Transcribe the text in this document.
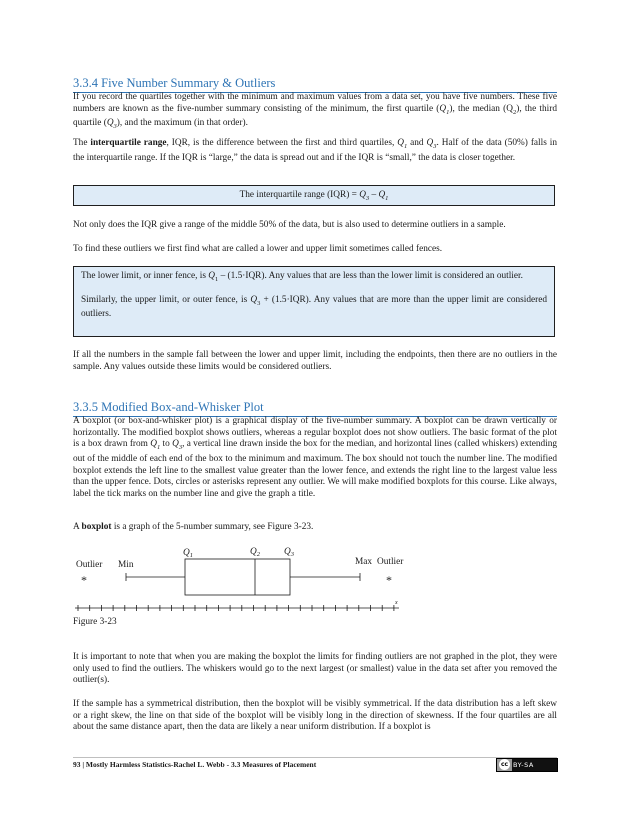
3.3.4 Five Number Summary & Outliers

If you record the quartiles together with the minimum and maximum values from a data set, you have five numbers. These five numbers are known as the five-number summary consisting of the minimum, the first quartile $(Q_1)$, the median $(Q_2)$, the third quartile $(Q_3)$, and the maximum (in that order).

The interquartile range, IQR, is the difference between the first and third quartiles, $Q_1$ and $Q_3$. Half of the data (50%) falls in the interquartile range. If the IQR is “large,” the data is spread out and if the IQR is “small,” the data is closer together.

The interquartile range $(IQR) = Q_3 - Q_1$

Not only does the IQR give a range of the middle 50% of the data, but is also used to determine outliers in a sample.

To find these outliers we first find what are called a lower and upper limit sometimes called fences.

The lower limit, or inner fence, is $Q_1 - (1.5\cdot IQR)$. Any values that are less than the lower limit is considered an outlier.

Similarly, the upper limit, or outer fence, is $Q_3 + (1.5\cdot IQR)$. Any values that are more than the upper limit are considered outliers.

If all the numbers in the sample fall between the lower and upper limit, including the endpoints, then there are no outliers in the sample. Any values outside these limits would be considered outliers.

3.3.5 Modified Box-and-Whisker Plot

A boxplot (or box-and-whisker plot) is a graphical display of the five-number summary. A boxplot can be drawn vertically or horizontally. The modified boxplot shows outliers, whereas a regular boxplot does not show outliers. The basic format of the plot is a box drawn from $Q_1$ to $Q_3$, a vertical line drawn inside the box for the median, and horizontal lines (called whiskers) extending out of the middle of each end of the box to the minimum and maximum. The box should not touch the number line. The modified boxplot extends the left line to the smallest value greater than the lower fence, and extends the right line to the largest value less than the upper fence. Dots, circles or asterisks represent any outlier. We will make modified boxplots for this course. Like always, label the tick marks on the number line and give the graph a title.

A boxplot is a graph of the 5-number summary, see Figure 3-23.

Outlier Min
$Q_1$	$Q_2$	$Q_3$
Max Outlier
*	*
x
Figure 3-23

It is important to note that when you are making the boxplot the limits for finding outliers are not graphed in the plot, they were only used to find the outliers. The whiskers would go to the next largest (or smallest) value in the data set after you removed the outlier(s).

If the sample has a symmetrical distribution, then the boxplot will be visibly symmetrical. If the data distribution has a left skew or a right skew, the line on that side of the boxplot will be visibly long in the direction of skewness. If the four quartiles are all about the same distance apart, then the data are likely a near uniform distribution. If a boxplot is

93 | Mostly Harmless Statistics-Rachel L. Webb - 3.3 Measures of Placement	cc BY-SA
